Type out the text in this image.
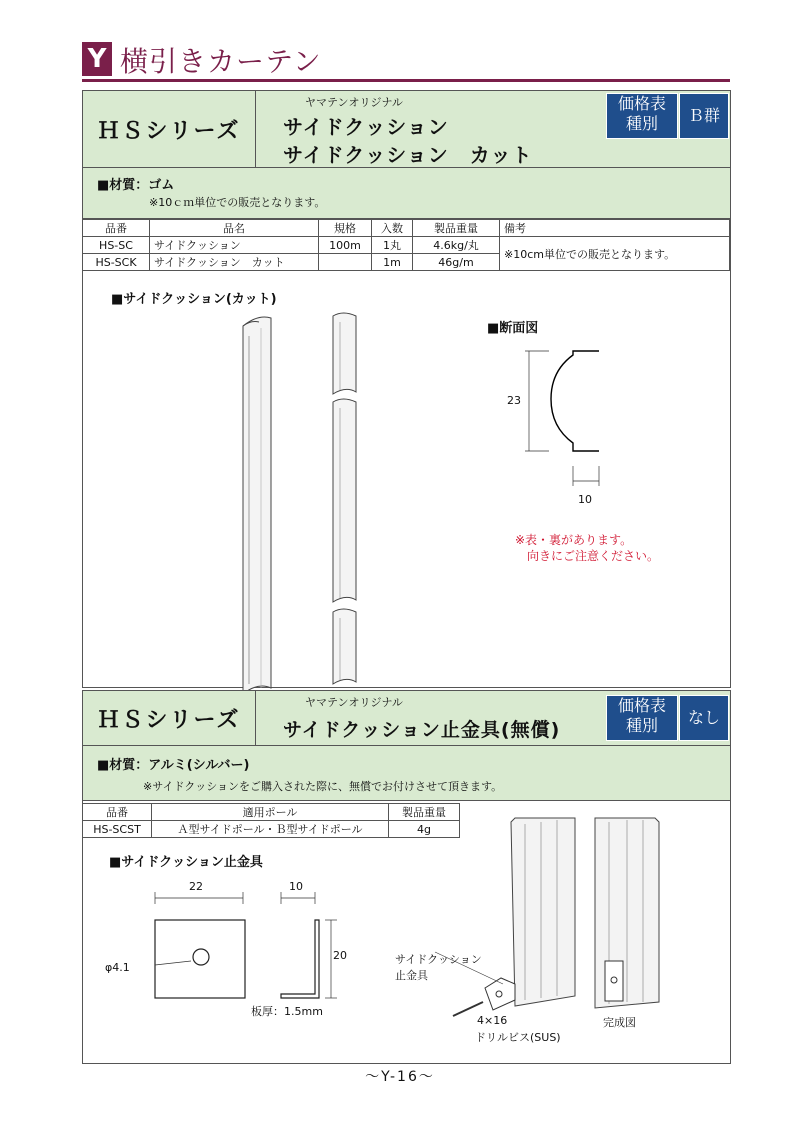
Y 横引きカーテン
ＨＳシリーズ
ヤマテンオリジナル
サイドクッション
サイドクッション　カット
価格表
種別	Ｂ群
■材質：ゴム
※10ｃｍ単位での販売となります。
品番	品名	規格	入数	製品重量	備考
HS-SC	サイドクッション	100m	1丸	4.6kg/丸	※10cm単位での販売となります。
HS-SCK	サイドクッション　カット		1m	46g/m	
■サイドクッション(カット)
■断面図
23
10
※表・裏があります。
向きにご注意ください。
ＨＳシリーズ
ヤマテンオリジナル
サイドクッション止金具(無償)
価格表
種別	なし
■材質：アルミ(シルバー)
※サイドクッションをご購入された際に、無償でお付けさせて頂きます。
品番	適用ポール	製品重量
HS-SCST	Ａ型サイドポール・Ｂ型サイドポール	4g
■サイドクッション止金具
22	10
20
φ4.1
板厚：1.5mm
サイドクッション
止金具
4×16
ドリルビス(SUS)
完成図
～Y-16～
